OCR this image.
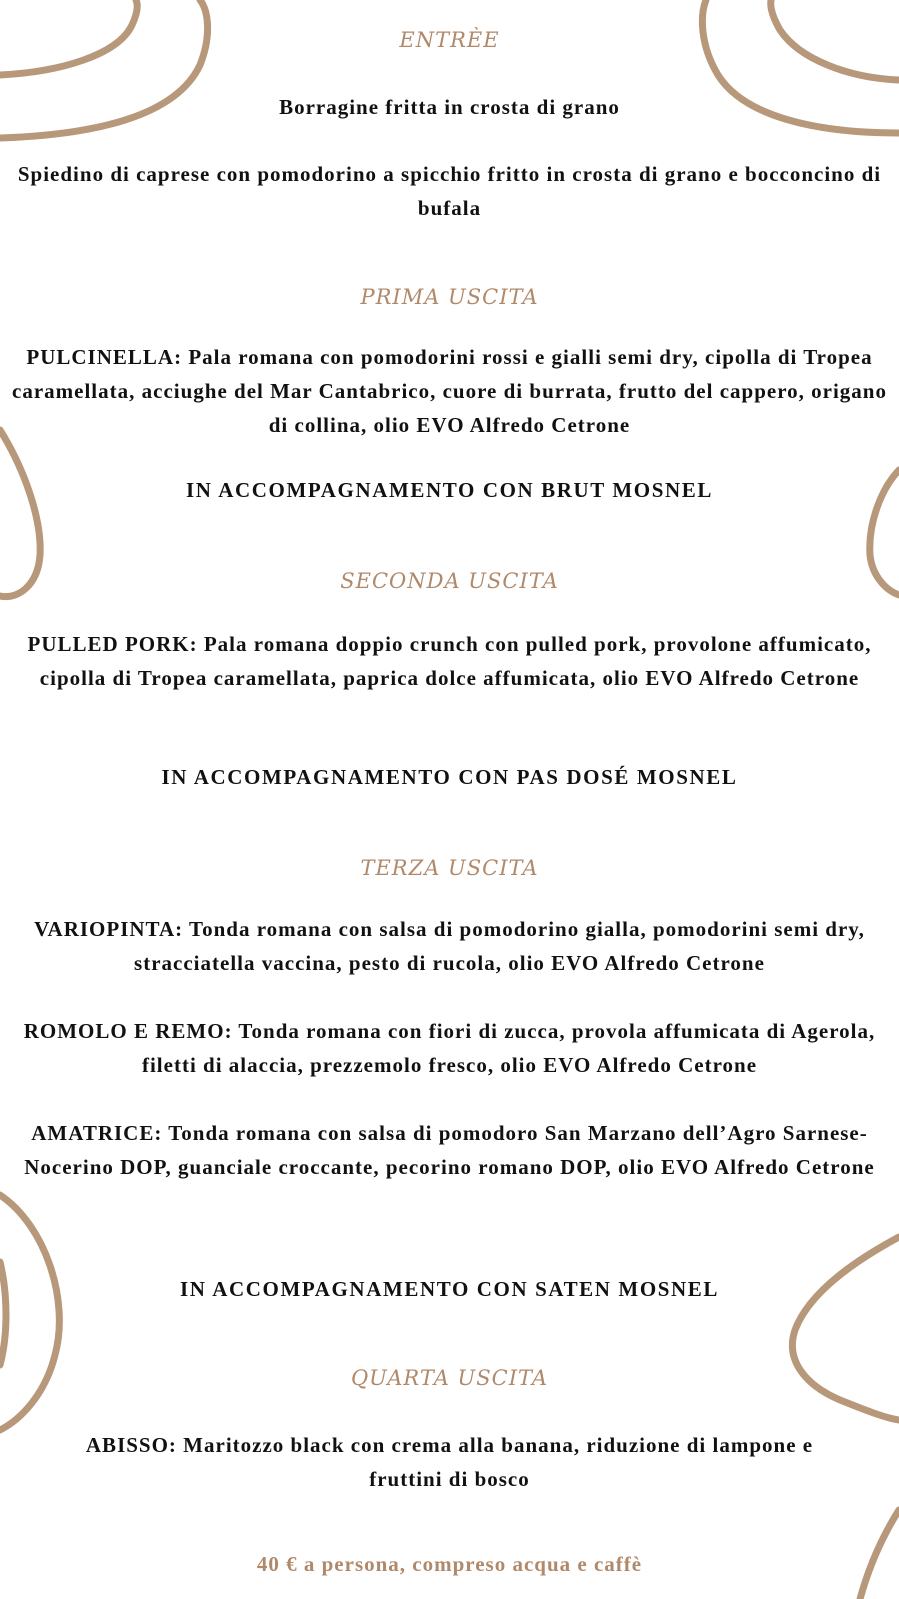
ENTRÈE
Borragine fritta in crosta di grano
Spiedino di caprese con pomodorino a spicchio fritto in crosta di grano e bocconcino di bufala
PRIMA USCITA
PULCINELLA: Pala romana con pomodorini rossi e gialli semi dry, cipolla di Tropea caramellata, acciughe del Mar Cantabrico, cuore di burrata, frutto del cappero, origano di collina, olio EVO Alfredo Cetrone
IN ACCOMPAGNAMENTO CON BRUT MOSNEL
SECONDA USCITA
PULLED PORK: Pala romana doppio crunch con pulled pork, provolone affumicato, cipolla di Tropea caramellata, paprica dolce affumicata, olio EVO Alfredo Cetrone
IN ACCOMPAGNAMENTO CON PAS DOSÉ MOSNEL
TERZA USCITA
VARIOPINTA: Tonda romana con salsa di pomodorino gialla, pomodorini semi dry, stracciatella vaccina, pesto di rucola, olio EVO Alfredo Cetrone
ROMOLO E REMO: Tonda romana con fiori di zucca, provola affumicata di Agerola, filetti di alaccia, prezzemolo fresco, olio EVO Alfredo Cetrone
AMATRICE: Tonda romana con salsa di pomodoro San Marzano dell’Agro Sarnese-Nocerino DOP, guanciale croccante, pecorino romano DOP, olio EVO Alfredo Cetrone
IN ACCOMPAGNAMENTO CON SATEN MOSNEL
QUARTA USCITA
ABISSO: Maritozzo black con crema alla banana, riduzione di lampone e fruttini di bosco
40 € a persona, compreso acqua e caffè
